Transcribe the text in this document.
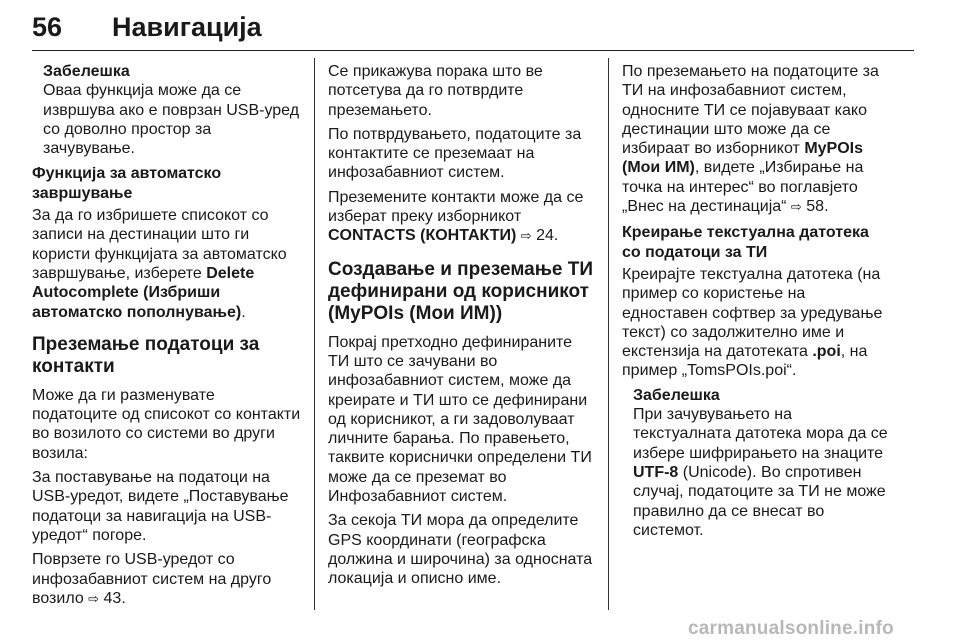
56 Навигација
Забелешка

Оваа функција може да се извршува ако е поврзан USB-уред со доволно простор за зачувување.

Функција за автоматско завршување

За да го избришете списокот со записи на дестинации што ги користи функцијата за автоматско завршување, изберете Delete Autocomplete (Избриши автоматско пополнување).

Преземање податоци за контакти

Може да ги разменувате податоците од списокот со контакти во возилото со системи во други возила:

За поставување на податоци на USB-уредот, видете „Поставување податоци за навигација на USB-уредот“ погоре.

Поврзете го USB-уредот со инфозабавниот систем на друго возило ⇨ 43.

Се прикажува порака што ве потсетува да го потврдите преземањето.

По потврдувањето, податоците за контактите се преземаат на инфозабавниот систем.

Преземените контакти може да се изберат преку изборникот CONTACTS (КОНТАКТИ) ⇨ 24.

Создавање и преземање ТИ дефинирани од корисникот (MyPOIs (Мои ИМ))

Покрај претходно дефинираните ТИ што се зачувани во инфозабавниот систем, може да креирате и ТИ што се дефинирани од корисникот, а ги задоволуваат личните барања. По правењето, таквите кориснички определени ТИ може да се преземат во Инфозабавниот систем.

За секоја ТИ мора да определите GPS координати (географска должина и широчина) за односната локација и описно име.

По преземањето на податоците за ТИ на инфозабавниот систем, односните ТИ се појавуваат како дестинации што може да се избираат во изборникот MyPOIs (Мои ИМ), видете „Избирање на точка на интерес“ во поглавјето „Внес на дестинација“ ⇨ 58.

Креирање текстуална датотека со податоци за ТИ

Креирајте текстуална датотека (на пример со користење на едноставен софтвер за уредување текст) со задолжително име и екстензија на датотеката .poi, на пример „TomsPOIs.poi“.

Забелешка

При зачувувањето на текстуалната датотека мора да се избере шифрирањето на знаците UTF-8 (Unicode). Во спротивен случај, податоците за ТИ не може правилно да се внесат во системот.

carmanualsonline.info
